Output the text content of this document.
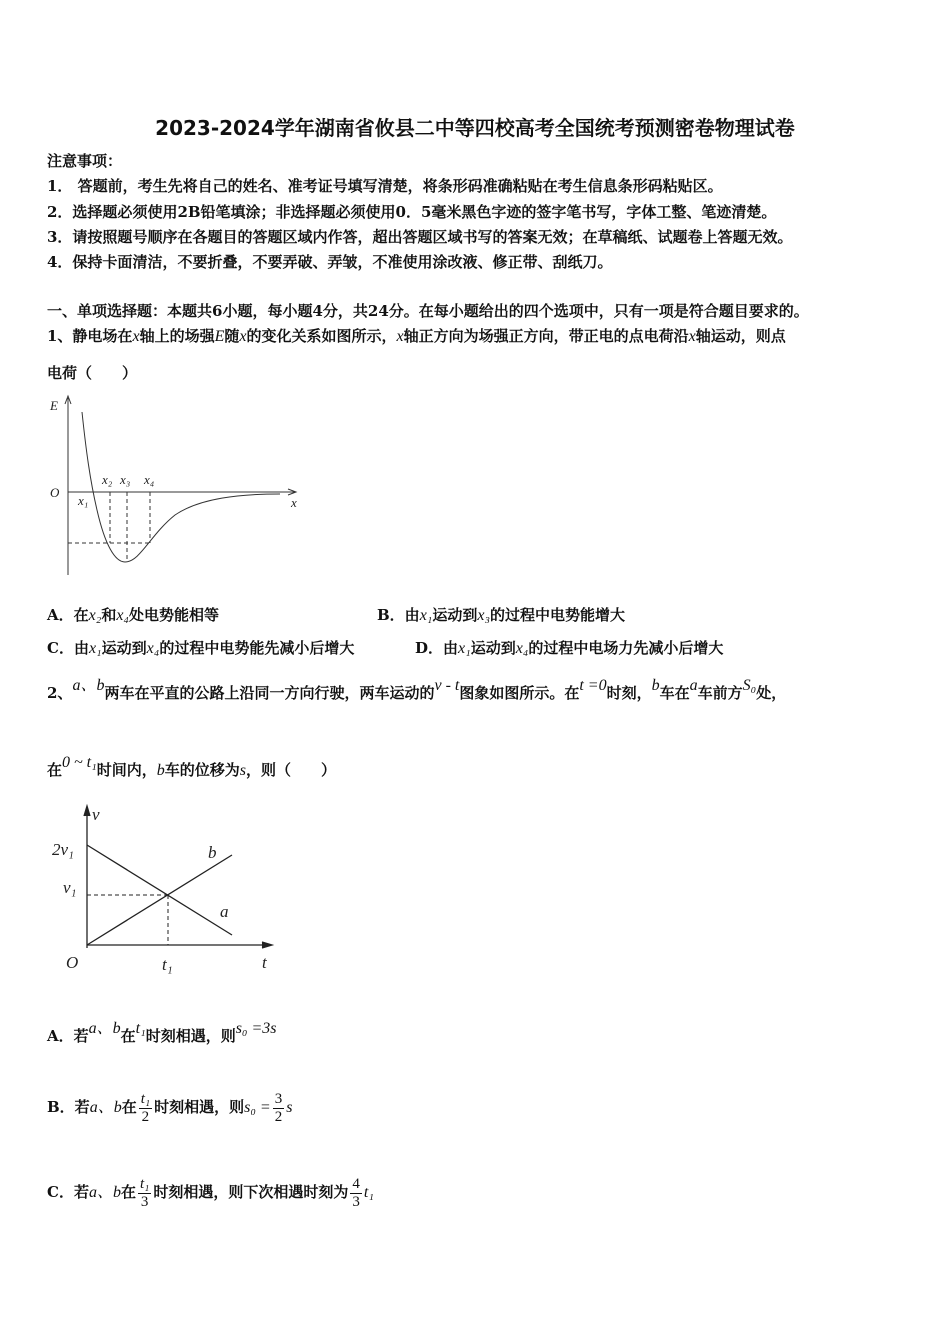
2023-2024学年湖南省攸县二中等四校高考全国统考预测密卷物理试卷
注意事项：
1． 答题前，考生先将自己的姓名、准考证号填写清楚，将条形码准确粘贴在考生信息条形码粘贴区。
2．选择题必须使用2B铅笔填涂；非选择题必须使用0．5毫米黑色字迹的签字笔书写，字体工整、笔迹清楚。
3．请按照题号顺序在各题目的答题区域内作答，超出答题区域书写的答案无效；在草稿纸、试题卷上答题无效。
4．保持卡面清洁，不要折叠，不要弄破、弄皱，不准使用涂改液、修正带、刮纸刀。
一、单项选择题：本题共6小题，每小题4分，共24分。在每小题给出的四个选项中，只有一项是符合题目要求的。
1、静电场在x轴上的场强E随x的变化关系如图所示，x轴正方向为场强正方向，带正电的点电荷沿x轴运动，则点
电荷（　　）
E
O
x
x₁
x₂ x₃ x₄
A．在x₂和x₄处电势能相等	B．由x₁运动到x₃的过程中电势能增大
C．由x₁运动到x₄的过程中电势能先减小后增大	D．由x₁运动到x₄的过程中电场力先减小后增大
2、a、b两车在平直的公路上沿同一方向行驶，两车运动的v - t图象如图所示。在t =0时刻，b车在a车前方S₀处，
在0 ~ t₁时间内，b车的位移为s，则（　　）
v
2v₁
v₁
b
a
O	t₁	t
A．若a、b在t₁时刻相遇，则s₀ =3s
B．若a、b在 $\frac{\text{t₁}}{2}$ 时刻相遇，则$s_0 = \frac{3}{2}$ s
C．若a、b在 $\frac{\text{t₁}}{3}$ 时刻相遇，则下次相遇时刻为 $\frac{4}{3} t_1$
